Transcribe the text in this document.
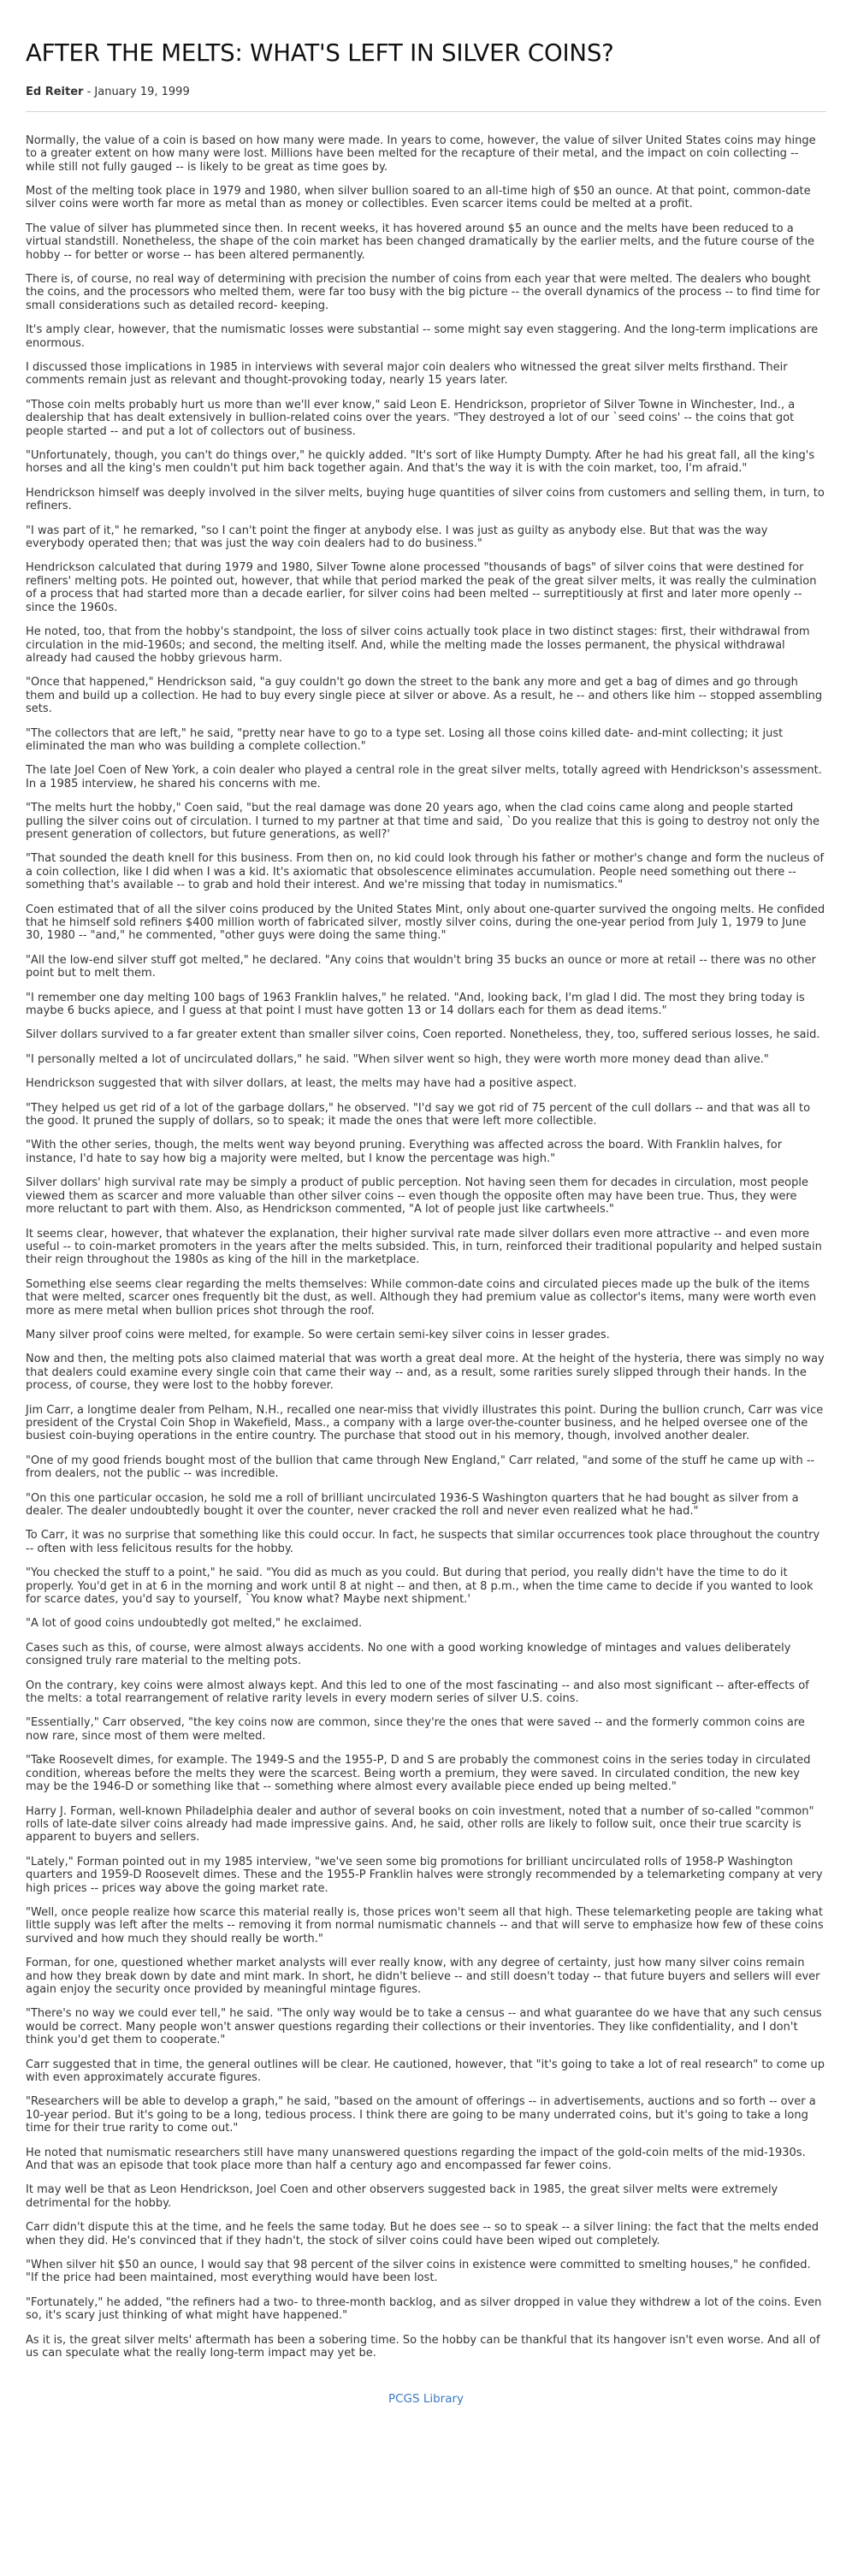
AFTER THE MELTS: WHAT'S LEFT IN SILVER COINS?

Ed Reiter - January 19, 1999

Normally, the value of a coin is based on how many were made. In years to come, however, the value of silver United States coins may hinge to a greater extent on how many were lost. Millions have been melted for the recapture of their metal, and the impact on coin collecting -- while still not fully gauged -- is likely to be great as time goes by.

Most of the melting took place in 1979 and 1980, when silver bullion soared to an all-time high of $50 an ounce. At that point, common-date silver coins were worth far more as metal than as money or collectibles. Even scarcer items could be melted at a profit.

The value of silver has plummeted since then. In recent weeks, it has hovered around $5 an ounce and the melts have been reduced to a virtual standstill. Nonetheless, the shape of the coin market has been changed dramatically by the earlier melts, and the future course of the hobby -- for better or worse -- has been altered permanently.

There is, of course, no real way of determining with precision the number of coins from each year that were melted. The dealers who bought the coins, and the processors who melted them, were far too busy with the big picture -- the overall dynamics of the process -- to find time for small considerations such as detailed record- keeping.

It's amply clear, however, that the numismatic losses were substantial -- some might say even staggering. And the long-term implications are enormous.

I discussed those implications in 1985 in interviews with several major coin dealers who witnessed the great silver melts firsthand. Their comments remain just as relevant and thought-provoking today, nearly 15 years later.

"Those coin melts probably hurt us more than we'll ever know," said Leon E. Hendrickson, proprietor of Silver Towne in Winchester, Ind., a dealership that has dealt extensively in bullion-related coins over the years. "They destroyed a lot of our `seed coins' -- the coins that got people started -- and put a lot of collectors out of business.

"Unfortunately, though, you can't do things over," he quickly added. "It's sort of like Humpty Dumpty. After he had his great fall, all the king's horses and all the king's men couldn't put him back together again. And that's the way it is with the coin market, too, I'm afraid."

Hendrickson himself was deeply involved in the silver melts, buying huge quantities of silver coins from customers and selling them, in turn, to refiners.

"I was part of it," he remarked, "so I can't point the finger at anybody else. I was just as guilty as anybody else. But that was the way everybody operated then; that was just the way coin dealers had to do business."

Hendrickson calculated that during 1979 and 1980, Silver Towne alone processed "thousands of bags" of silver coins that were destined for refiners' melting pots. He pointed out, however, that while that period marked the peak of the great silver melts, it was really the culmination of a process that had started more than a decade earlier, for silver coins had been melted -- surreptitiously at first and later more openly -- since the 1960s.

He noted, too, that from the hobby's standpoint, the loss of silver coins actually took place in two distinct stages: first, their withdrawal from circulation in the mid-1960s; and second, the melting itself. And, while the melting made the losses permanent, the physical withdrawal already had caused the hobby grievous harm.

"Once that happened," Hendrickson said, "a guy couldn't go down the street to the bank any more and get a bag of dimes and go through them and build up a collection. He had to buy every single piece at silver or above. As a result, he -- and others like him -- stopped assembling sets.

"The collectors that are left," he said, "pretty near have to go to a type set. Losing all those coins killed date- and-mint collecting; it just eliminated the man who was building a complete collection."

The late Joel Coen of New York, a coin dealer who played a central role in the great silver melts, totally agreed with Hendrickson's assessment. In a 1985 interview, he shared his concerns with me.

"The melts hurt the hobby," Coen said, "but the real damage was done 20 years ago, when the clad coins came along and people started pulling the silver coins out of circulation. I turned to my partner at that time and said, `Do you realize that this is going to destroy not only the present generation of collectors, but future generations, as well?'

"That sounded the death knell for this business. From then on, no kid could look through his father or mother's change and form the nucleus of a coin collection, like I did when I was a kid. It's axiomatic that obsolescence eliminates accumulation. People need something out there -- something that's available -- to grab and hold their interest. And we're missing that today in numismatics."

Coen estimated that of all the silver coins produced by the United States Mint, only about one-quarter survived the ongoing melts. He confided that he himself sold refiners $400 million worth of fabricated silver, mostly silver coins, during the one-year period from July 1, 1979 to June 30, 1980 -- "and," he commented, "other guys were doing the same thing."

"All the low-end silver stuff got melted," he declared. "Any coins that wouldn't bring 35 bucks an ounce or more at retail -- there was no other point but to melt them.

"I remember one day melting 100 bags of 1963 Franklin halves," he related. "And, looking back, I'm glad I did. The most they bring today is maybe 6 bucks apiece, and I guess at that point I must have gotten 13 or 14 dollars each for them as dead items."

Silver dollars survived to a far greater extent than smaller silver coins, Coen reported. Nonetheless, they, too, suffered serious losses, he said.

"I personally melted a lot of uncirculated dollars," he said. "When silver went so high, they were worth more money dead than alive."

Hendrickson suggested that with silver dollars, at least, the melts may have had a positive aspect.

"They helped us get rid of a lot of the garbage dollars," he observed. "I'd say we got rid of 75 percent of the cull dollars -- and that was all to the good. It pruned the supply of dollars, so to speak; it made the ones that were left more collectible.

"With the other series, though, the melts went way beyond pruning. Everything was affected across the board. With Franklin halves, for instance, I'd hate to say how big a majority were melted, but I know the percentage was high."

Silver dollars' high survival rate may be simply a product of public perception. Not having seen them for decades in circulation, most people viewed them as scarcer and more valuable than other silver coins -- even though the opposite often may have been true. Thus, they were more reluctant to part with them. Also, as Hendrickson commented, "A lot of people just like cartwheels."

It seems clear, however, that whatever the explanation, their higher survival rate made silver dollars even more attractive -- and even more useful -- to coin-market promoters in the years after the melts subsided. This, in turn, reinforced their traditional popularity and helped sustain their reign throughout the 1980s as king of the hill in the marketplace.

Something else seems clear regarding the melts themselves: While common-date coins and circulated pieces made up the bulk of the items that were melted, scarcer ones frequently bit the dust, as well. Although they had premium value as collector's items, many were worth even more as mere metal when bullion prices shot through the roof.

Many silver proof coins were melted, for example. So were certain semi-key silver coins in lesser grades.

Now and then, the melting pots also claimed material that was worth a great deal more. At the height of the hysteria, there was simply no way that dealers could examine every single coin that came their way -- and, as a result, some rarities surely slipped through their hands. In the process, of course, they were lost to the hobby forever.

Jim Carr, a longtime dealer from Pelham, N.H., recalled one near-miss that vividly illustrates this point. During the bullion crunch, Carr was vice president of the Crystal Coin Shop in Wakefield, Mass., a company with a large over-the-counter business, and he helped oversee one of the busiest coin-buying operations in the entire country. The purchase that stood out in his memory, though, involved another dealer.

"One of my good friends bought most of the bullion that came through New England," Carr related, "and some of the stuff he came up with -- from dealers, not the public -- was incredible.

"On this one particular occasion, he sold me a roll of brilliant uncirculated 1936-S Washington quarters that he had bought as silver from a dealer. The dealer undoubtedly bought it over the counter, never cracked the roll and never even realized what he had."

To Carr, it was no surprise that something like this could occur. In fact, he suspects that similar occurrences took place throughout the country -- often with less felicitous results for the hobby.

"You checked the stuff to a point," he said. "You did as much as you could. But during that period, you really didn't have the time to do it properly. You'd get in at 6 in the morning and work until 8 at night -- and then, at 8 p.m., when the time came to decide if you wanted to look for scarce dates, you'd say to yourself, `You know what? Maybe next shipment.'

"A lot of good coins undoubtedly got melted," he exclaimed.

Cases such as this, of course, were almost always accidents. No one with a good working knowledge of mintages and values deliberately consigned truly rare material to the melting pots.

On the contrary, key coins were almost always kept. And this led to one of the most fascinating -- and also most significant -- after-effects of the melts: a total rearrangement of relative rarity levels in every modern series of silver U.S. coins.

"Essentially," Carr observed, "the key coins now are common, since they're the ones that were saved -- and the formerly common coins are now rare, since most of them were melted.

"Take Roosevelt dimes, for example. The 1949-S and the 1955-P, D and S are probably the commonest coins in the series today in circulated condition, whereas before the melts they were the scarcest. Being worth a premium, they were saved. In circulated condition, the new key may be the 1946-D or something like that -- something where almost every available piece ended up being melted."

Harry J. Forman, well-known Philadelphia dealer and author of several books on coin investment, noted that a number of so-called "common" rolls of late-date silver coins already had made impressive gains. And, he said, other rolls are likely to follow suit, once their true scarcity is apparent to buyers and sellers.

"Lately," Forman pointed out in my 1985 interview, "we've seen some big promotions for brilliant uncirculated rolls of 1958-P Washington quarters and 1959-D Roosevelt dimes. These and the 1955-P Franklin halves were strongly recommended by a telemarketing company at very high prices -- prices way above the going market rate.

"Well, once people realize how scarce this material really is, those prices won't seem all that high. These telemarketing people are taking what little supply was left after the melts -- removing it from normal numismatic channels -- and that will serve to emphasize how few of these coins survived and how much they should really be worth."

Forman, for one, questioned whether market analysts will ever really know, with any degree of certainty, just how many silver coins remain and how they break down by date and mint mark. In short, he didn't believe -- and still doesn't today -- that future buyers and sellers will ever again enjoy the security once provided by meaningful mintage figures.

"There's no way we could ever tell," he said. "The only way would be to take a census -- and what guarantee do we have that any such census would be correct. Many people won't answer questions regarding their collections or their inventories. They like confidentiality, and I don't think you'd get them to cooperate."

Carr suggested that in time, the general outlines will be clear. He cautioned, however, that "it's going to take a lot of real research" to come up with even approximately accurate figures.

"Researchers will be able to develop a graph," he said, "based on the amount of offerings -- in advertisements, auctions and so forth -- over a 10-year period. But it's going to be a long, tedious process. I think there are going to be many underrated coins, but it's going to take a long time for their true rarity to come out."

He noted that numismatic researchers still have many unanswered questions regarding the impact of the gold-coin melts of the mid-1930s. And that was an episode that took place more than half a century ago and encompassed far fewer coins.

It may well be that as Leon Hendrickson, Joel Coen and other observers suggested back in 1985, the great silver melts were extremely detrimental for the hobby.

Carr didn't dispute this at the time, and he feels the same today. But he does see -- so to speak -- a silver lining: the fact that the melts ended when they did. He's convinced that if they hadn't, the stock of silver coins could have been wiped out completely.

"When silver hit $50 an ounce, I would say that 98 percent of the silver coins in existence were committed to smelting houses," he confided. "If the price had been maintained, most everything would have been lost.

"Fortunately," he added, "the refiners had a two- to three-month backlog, and as silver dropped in value they withdrew a lot of the coins. Even so, it's scary just thinking of what might have happened."

As it is, the great silver melts' aftermath has been a sobering time. So the hobby can be thankful that its hangover isn't even worse. And all of us can speculate what the really long-term impact may yet be.

PCGS Library
